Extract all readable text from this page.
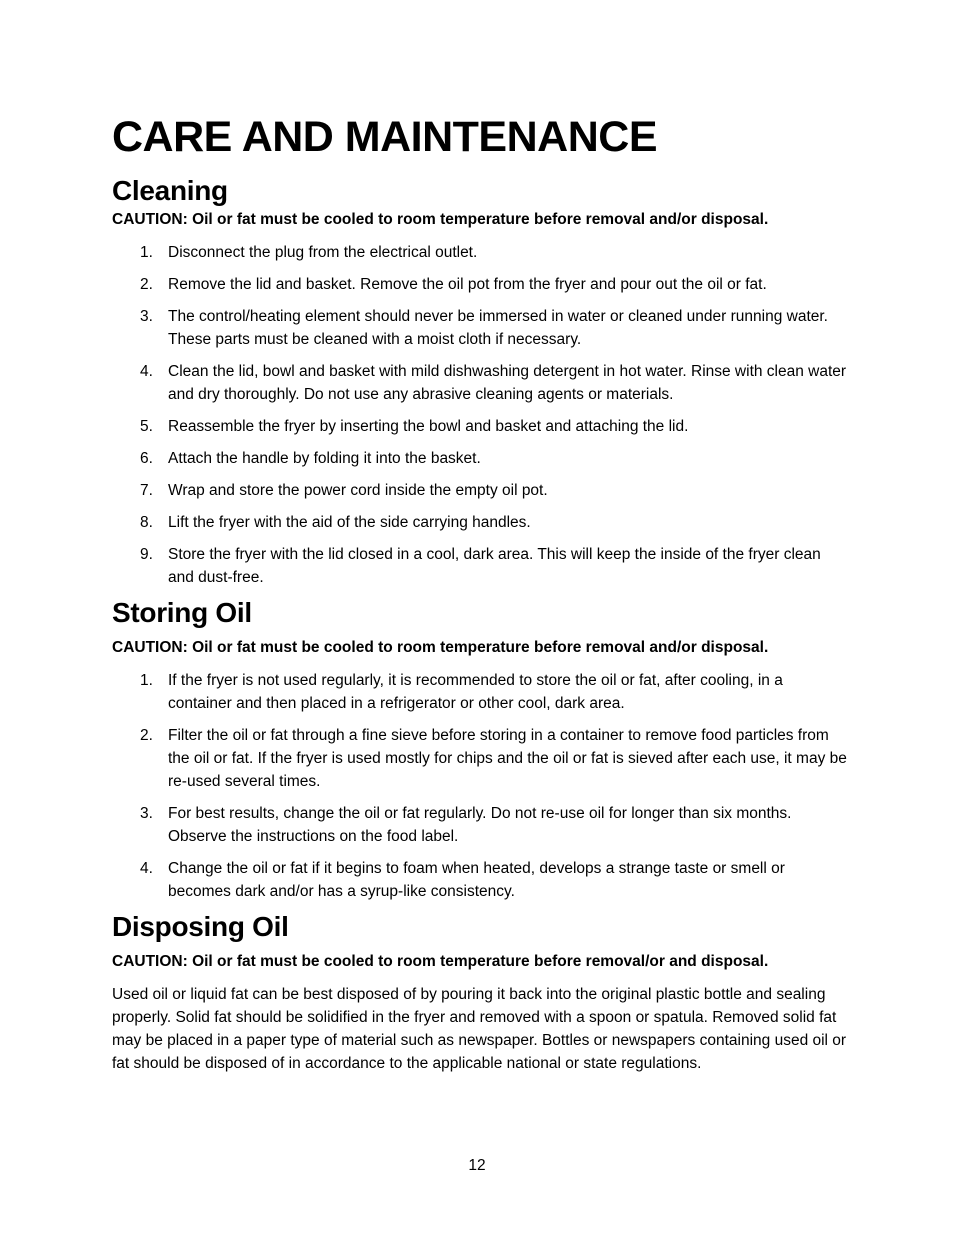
CARE AND MAINTENANCE
Cleaning

CAUTION: Oil or fat must be cooled to room temperature before removal and/or disposal.

1. Disconnect the plug from the electrical outlet.
2. Remove the lid and basket. Remove the oil pot from the fryer and pour out the oil or fat.
3. The control/heating element should never be immersed in water or cleaned under running water. These parts must be cleaned with a moist cloth if necessary.
4. Clean the lid, bowl and basket with mild dishwashing detergent in hot water. Rinse with clean water and dry thoroughly. Do not use any abrasive cleaning agents or materials.
5. Reassemble the fryer by inserting the bowl and basket and attaching the lid.
6. Attach the handle by folding it into the basket.
7. Wrap and store the power cord inside the empty oil pot.
8. Lift the fryer with the aid of the side carrying handles.
9. Store the fryer with the lid closed in a cool, dark area. This will keep the inside of the fryer clean and dust-free.
Storing Oil

CAUTION: Oil or fat must be cooled to room temperature before removal and/or disposal.

1. If the fryer is not used regularly, it is recommended to store the oil or fat, after cooling, in a container and then placed in a refrigerator or other cool, dark area.
2. Filter the oil or fat through a fine sieve before storing in a container to remove food particles from the oil or fat. If the fryer is used mostly for chips and the oil or fat is sieved after each use, it may be re-used several times.
3. For best results, change the oil or fat regularly. Do not re-use oil for longer than six months. Observe the instructions on the food label.
4. Change the oil or fat if it begins to foam when heated, develops a strange taste or smell or becomes dark and/or has a syrup-like consistency.
Disposing Oil

CAUTION: Oil or fat must be cooled to room temperature before removal/or and disposal.

Used oil or liquid fat can be best disposed of by pouring it back into the original plastic bottle and sealing properly. Solid fat should be solidified in the fryer and removed with a spoon or spatula. Removed solid fat may be placed in a paper type of material such as newspaper. Bottles or newspapers containing used oil or fat should be disposed of in accordance to the applicable national or state regulations.

12
